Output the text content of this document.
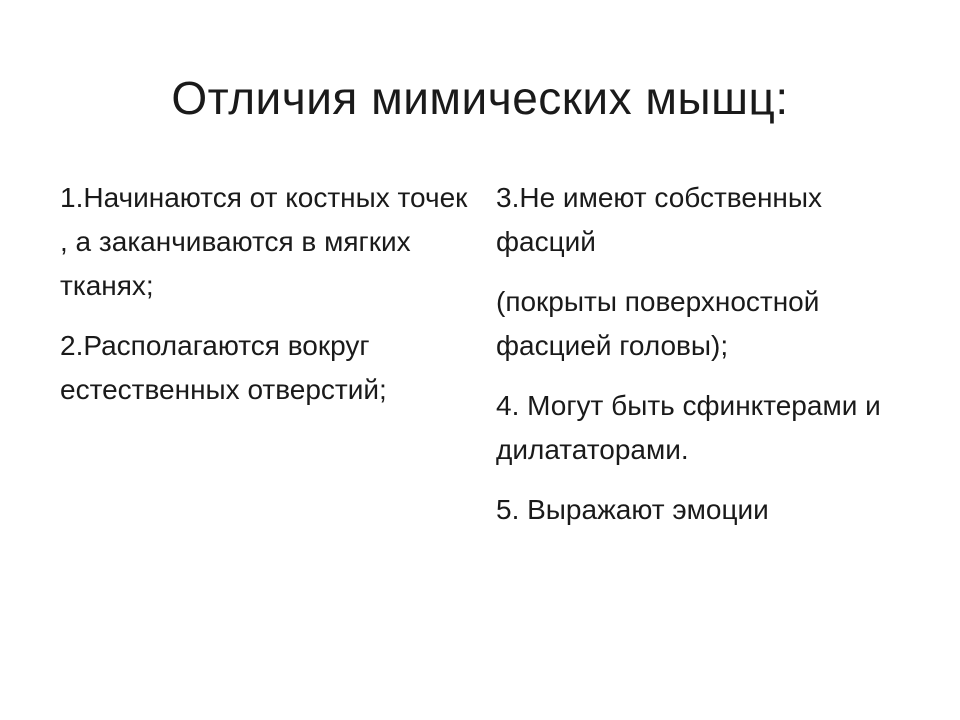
Отличия мимических мышц:

1.Начинаются от костных точек , а заканчиваются в мягких тканях;

2.Располагаются вокруг естественных отверстий;

3.Не имеют собственных фасций

(покрыты поверхностной фасцией головы);

4. Могут быть сфинктерами и дилататорами.

5. Выражают эмоции
